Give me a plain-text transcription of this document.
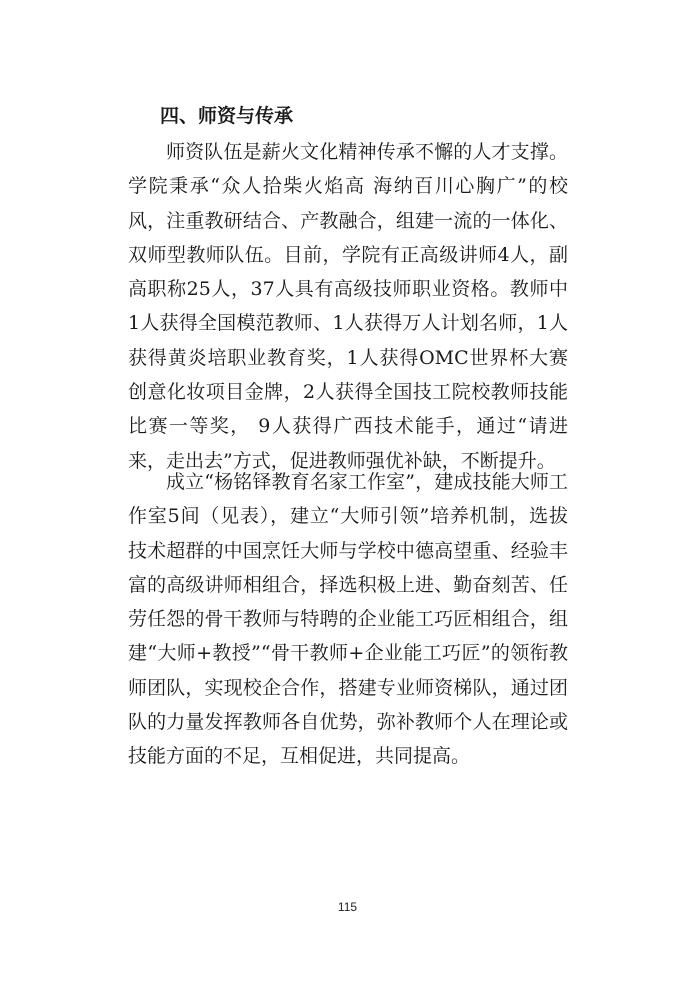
四、师资与传承

师资队伍是薪火文化精神传承不懈的人才支撑。学院秉承“众人拾柴火焰高 海纳百川心胸广”的校风，注重教研结合、产教融合，组建一流的一体化、双师型教师队伍。目前，学院有正高级讲师4人，副高职称25人，37人具有高级技师职业资格。教师中1人获得全国模范教师、1人获得万人计划名师，1人获得黄炎培职业教育奖，1人获得OMC世界杯大赛创意化妆项目金牌，2人获得全国技工院校教师技能比赛一等奖， 9人获得广西技术能手，通过“请进来，走出去”方式，促进教师强优补缺，不断提升。

成立“杨铭铎教育名家工作室”，建成技能大师工作室5间（见表），建立“大师引领”培养机制，选拔技术超群的中国烹饪大师与学校中德高望重、经验丰富的高级讲师相组合，择选积极上进、勤奋刻苦、任劳任怨的骨干教师与特聘的企业能工巧匠相组合，组建“大师+教授”“骨干教师+企业能工巧匠”的领衔教师团队，实现校企合作，搭建专业师资梯队，通过团队的力量发挥教师各自优势，弥补教师个人在理论或技能方面的不足，互相促进，共同提高。

115
